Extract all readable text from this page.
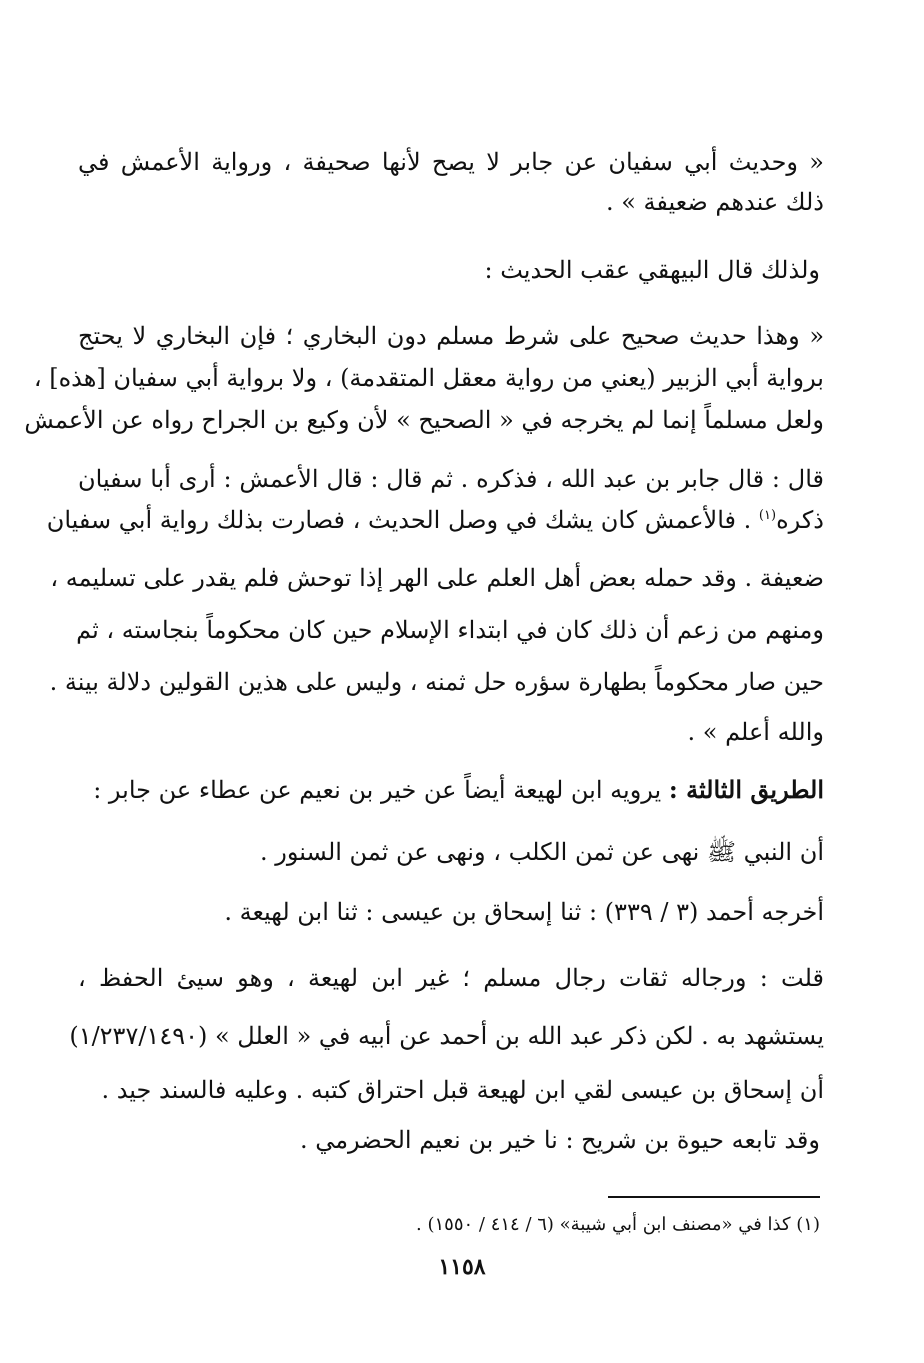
« وحديث أبي سفيان عن جابر لا يصح لأنها صحيفة ، ورواية الأعمش في
ذلك عندهم ضعيفة » .
ولذلك قال البيهقي عقب الحديث :
« وهذا حديث صحيح على شرط مسلم دون البخاري ؛ فإن البخاري لا يحتج
برواية أبي الزبير (يعني من رواية معقل المتقدمة) ، ولا برواية أبي سفيان [هذه] ،
ولعل مسلماً إنما لم يخرجه في « الصحيح » لأن وكيع بن الجراح رواه عن الأعمش
قال : قال جابر بن عبد الله ، فذكره . ثم قال : قال الأعمش : أرى أبا سفيان
ذكره$^{(١)}$ . فالأعمش كان يشك في وصل الحديث ، فصارت بذلك رواية أبي سفيان
ضعيفة . وقد حمله بعض أهل العلم على الهر إذا توحش فلم يقدر على تسليمه ،
ومنهم من زعم أن ذلك كان في ابتداء الإسلام حين كان محكوماً بنجاسته ، ثم
حين صار محكوماً بطهارة سؤره حل ثمنه ، وليس على هذين القولين دلالة بينة .
والله أعلم » .
الطريق الثالثة : يرويه ابن لهيعة أيضاً عن خير بن نعيم عن عطاء عن جابر :
أن النبي ﷺ نهى عن ثمن الكلب ، ونهى عن ثمن السنور .
أخرجه أحمد (٣ / ٣٣٩) : ثنا إسحاق بن عيسى : ثنا ابن لهيعة .
قلت : ورجاله ثقات رجال مسلم ؛ غير ابن لهيعة ، وهو سيئ الحفظ ،
يستشهد به . لكن ذكر عبد الله بن أحمد عن أبيه في « العلل » (١/٢٣٧/١٤٩٠)
أن إسحاق بن عيسى لقي ابن لهيعة قبل احتراق كتبه . وعليه فالسند جيد .
وقد تابعه حيوة بن شريح : نا خير بن نعيم الحضرمي .
(١) كذا في «مصنف ابن أبي شيبة» (٦ / ٤١٤ / ١٥٥٠) .
١١٥٨
